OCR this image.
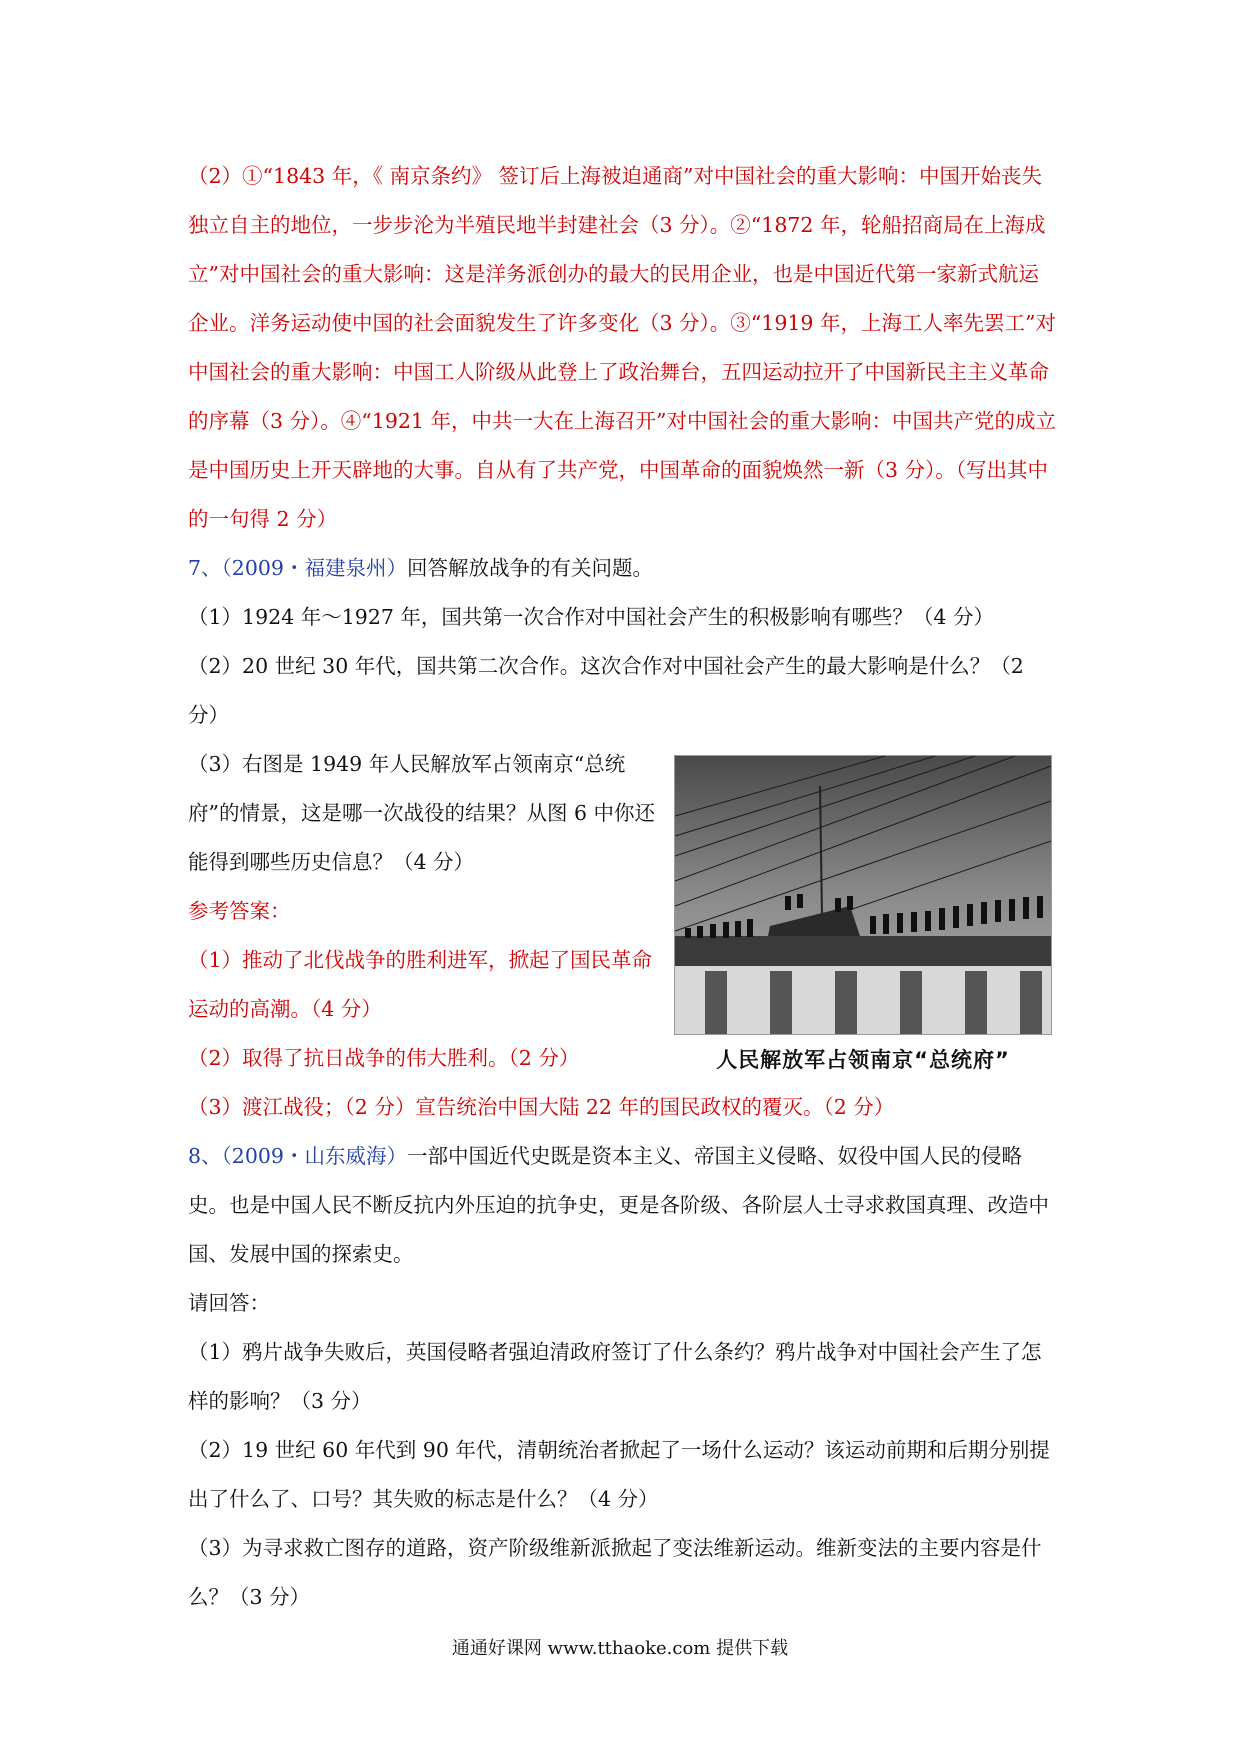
（2）①“1843 年，《 南京条约》 签订后上海被迫通商”对中国社会的重大影响：中国开始丧失独立自主的地位，一步步沦为半殖民地半封建社会（3 分）。②“1872 年，轮船招商局在上海成立”对中国社会的重大影响：这是洋务派创办的最大的民用企业，也是中国近代第一家新式航运企业。洋务运动使中国的社会面貌发生了许多变化（3 分）。③“1919 年，上海工人率先罢工”对中国社会的重大影响：中国工人阶级从此登上了政治舞台，五四运动拉开了中国新民主主义革命的序幕（3 分）。④“1921 年，中共一大在上海召开”对中国社会的重大影响：中国共产党的成立是中国历史上开天辟地的大事。自从有了共产党，中国革命的面貌焕然一新（3 分）。（写出其中的一句得 2 分）

7、（2009・福建泉州）回答解放战争的有关问题。

（1）1924 年～1927 年，国共第一次合作对中国社会产生的积极影响有哪些？（4 分）

（2）20 世纪 30 年代，国共第二次合作。这次合作对中国社会产生的最大影响是什么？（2 分）

（3）右图是 1949 年人民解放军占领南京“总统府”的情景，这是哪一次战役的结果？从图 6 中你还能得到哪些历史信息？（4 分）

参考答案：

（1）推动了北伐战争的胜利进军，掀起了国民革命运动的高潮。（4 分）

（2）取得了抗日战争的伟大胜利。（2 分）	人民解放军占领南京“总统府”

（3）渡江战役；（2 分）宣告统治中国大陆 22 年的国民政权的覆灭。（2 分）

8、（2009・山东威海）一部中国近代史既是资本主义、帝国主义侵略、奴役中国人民的侵略史。也是中国人民不断反抗内外压迫的抗争史，更是各阶级、各阶层人士寻求救国真理、改造中国、发展中国的探索史。

请回答：

（1）鸦片战争失败后，英国侵略者强迫清政府签订了什么条约？鸦片战争对中国社会产生了怎样的影响？（3 分）

（2）19 世纪 60 年代到 90 年代，清朝统治者掀起了一场什么运动？该运动前期和后期分别提出了什么了、口号？其失败的标志是什么？（4 分）

（3）为寻求救亡图存的道路，资产阶级维新派掀起了变法维新运动。维新变法的主要内容是什么？（3 分）

通通好课网 www.tthaoke.com 提供下载
